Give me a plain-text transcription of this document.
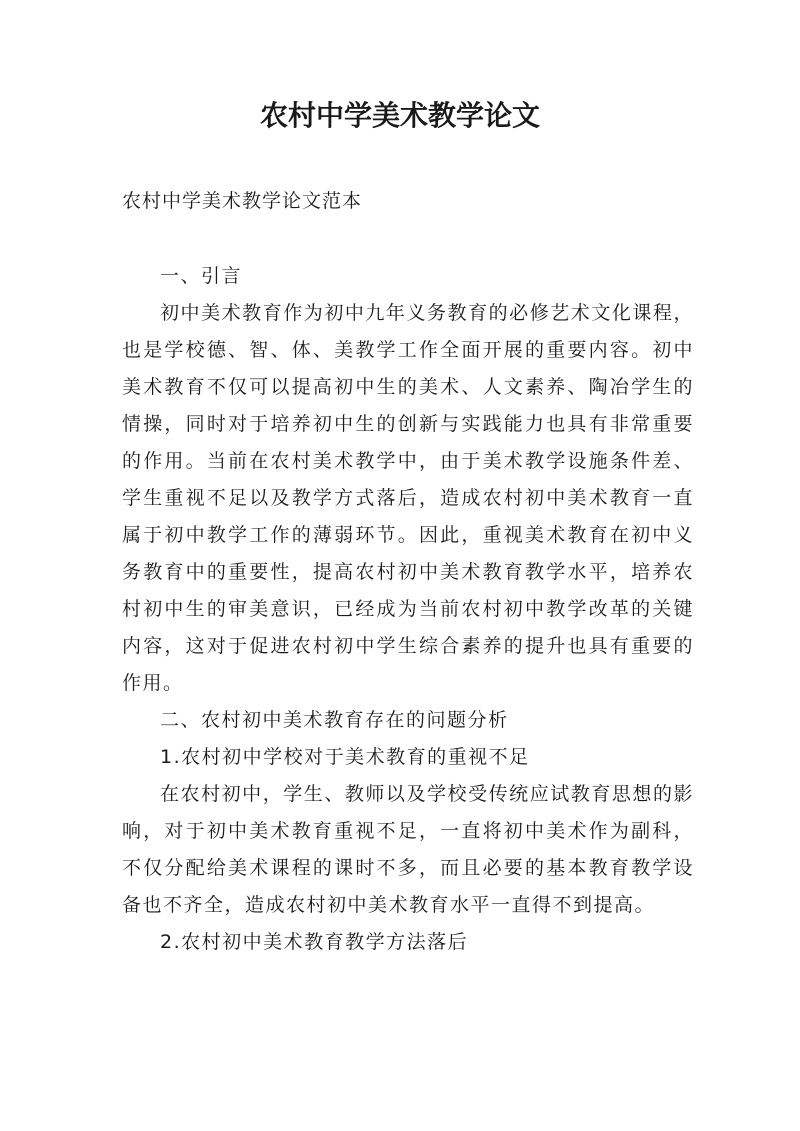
农村中学美术教学论文

农村中学美术教学论文范本

一、引言

初中美术教育作为初中九年义务教育的必修艺术文化课程，也是学校德、智、体、美教学工作全面开展的重要内容。初中美术教育不仅可以提高初中生的美术、人文素养、陶冶学生的情操，同时对于培养初中生的创新与实践能力也具有非常重要的作用。当前在农村美术教学中，由于美术教学设施条件差、学生重视不足以及教学方式落后，造成农村初中美术教育一直属于初中教学工作的薄弱环节。因此，重视美术教育在初中义务教育中的重要性，提高农村初中美术教育教学水平，培养农村初中生的审美意识，已经成为当前农村初中教学改革的关键内容，这对于促进农村初中学生综合素养的提升也具有重要的作用。

二、农村初中美术教育存在的问题分析

1.农村初中学校对于美术教育的重视不足

在农村初中，学生、教师以及学校受传统应试教育思想的影响，对于初中美术教育重视不足，一直将初中美术作为副科，不仅分配给美术课程的课时不多，而且必要的基本教育教学设备也不齐全，造成农村初中美术教育水平一直得不到提高。

2.农村初中美术教育教学方法落后
